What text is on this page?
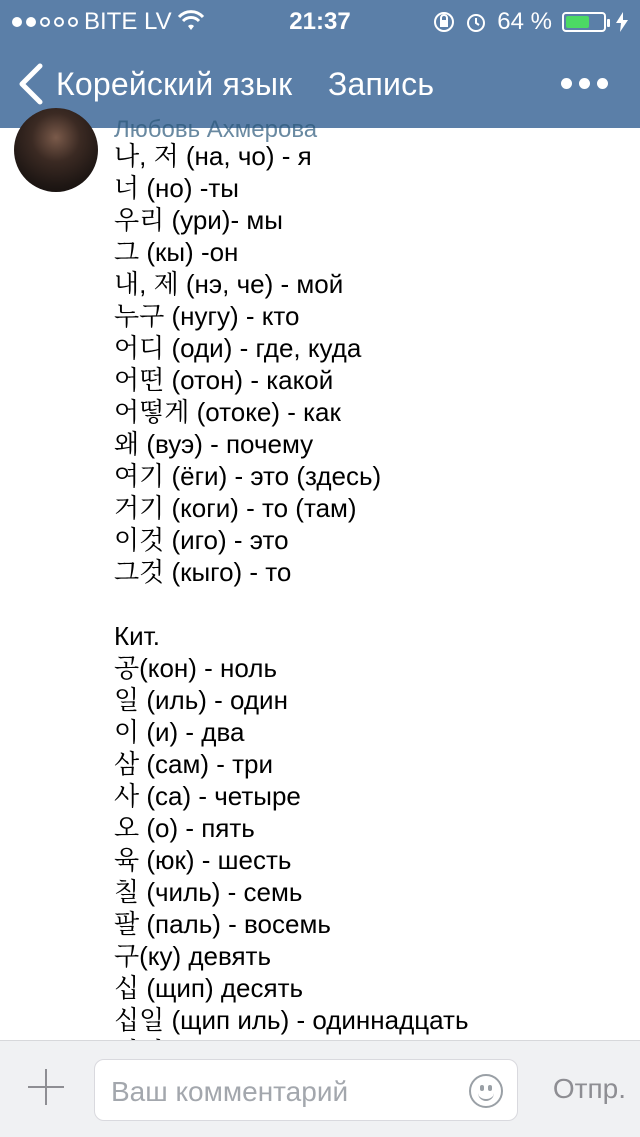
BITE LV	21:37	64 %
Корейский язык Запись
Любовь Ахмерова
나, 저 (на, чо) - я
너 (но) -ты
우리 (ури)- мы
그 (кы) -он
내, 제 (нэ, че) - мой
누구 (нугу) - кто
어디 (оди) - где, куда
어떤 (отон) - какой
어떻게 (отоке) - как
왜 (вуэ) - почему
여기 (ёги) - это (здесь)
거기 (коги) - то (там)
이것 (иго) - это
그것 (кыго) - то
Кит.
공(кон) - ноль
일 (иль) - один
이 (и) - два
삼 (сам) - три
사 (са) - четыре
오 (о) - пять
육 (юк) - шесть
칠 (чиль) - семь
팔 (паль) - восемь
구(ку) девять
십 (щип) десять
십일 (щип иль) - одиннадцать
Ваш комментарий	Отпр.
